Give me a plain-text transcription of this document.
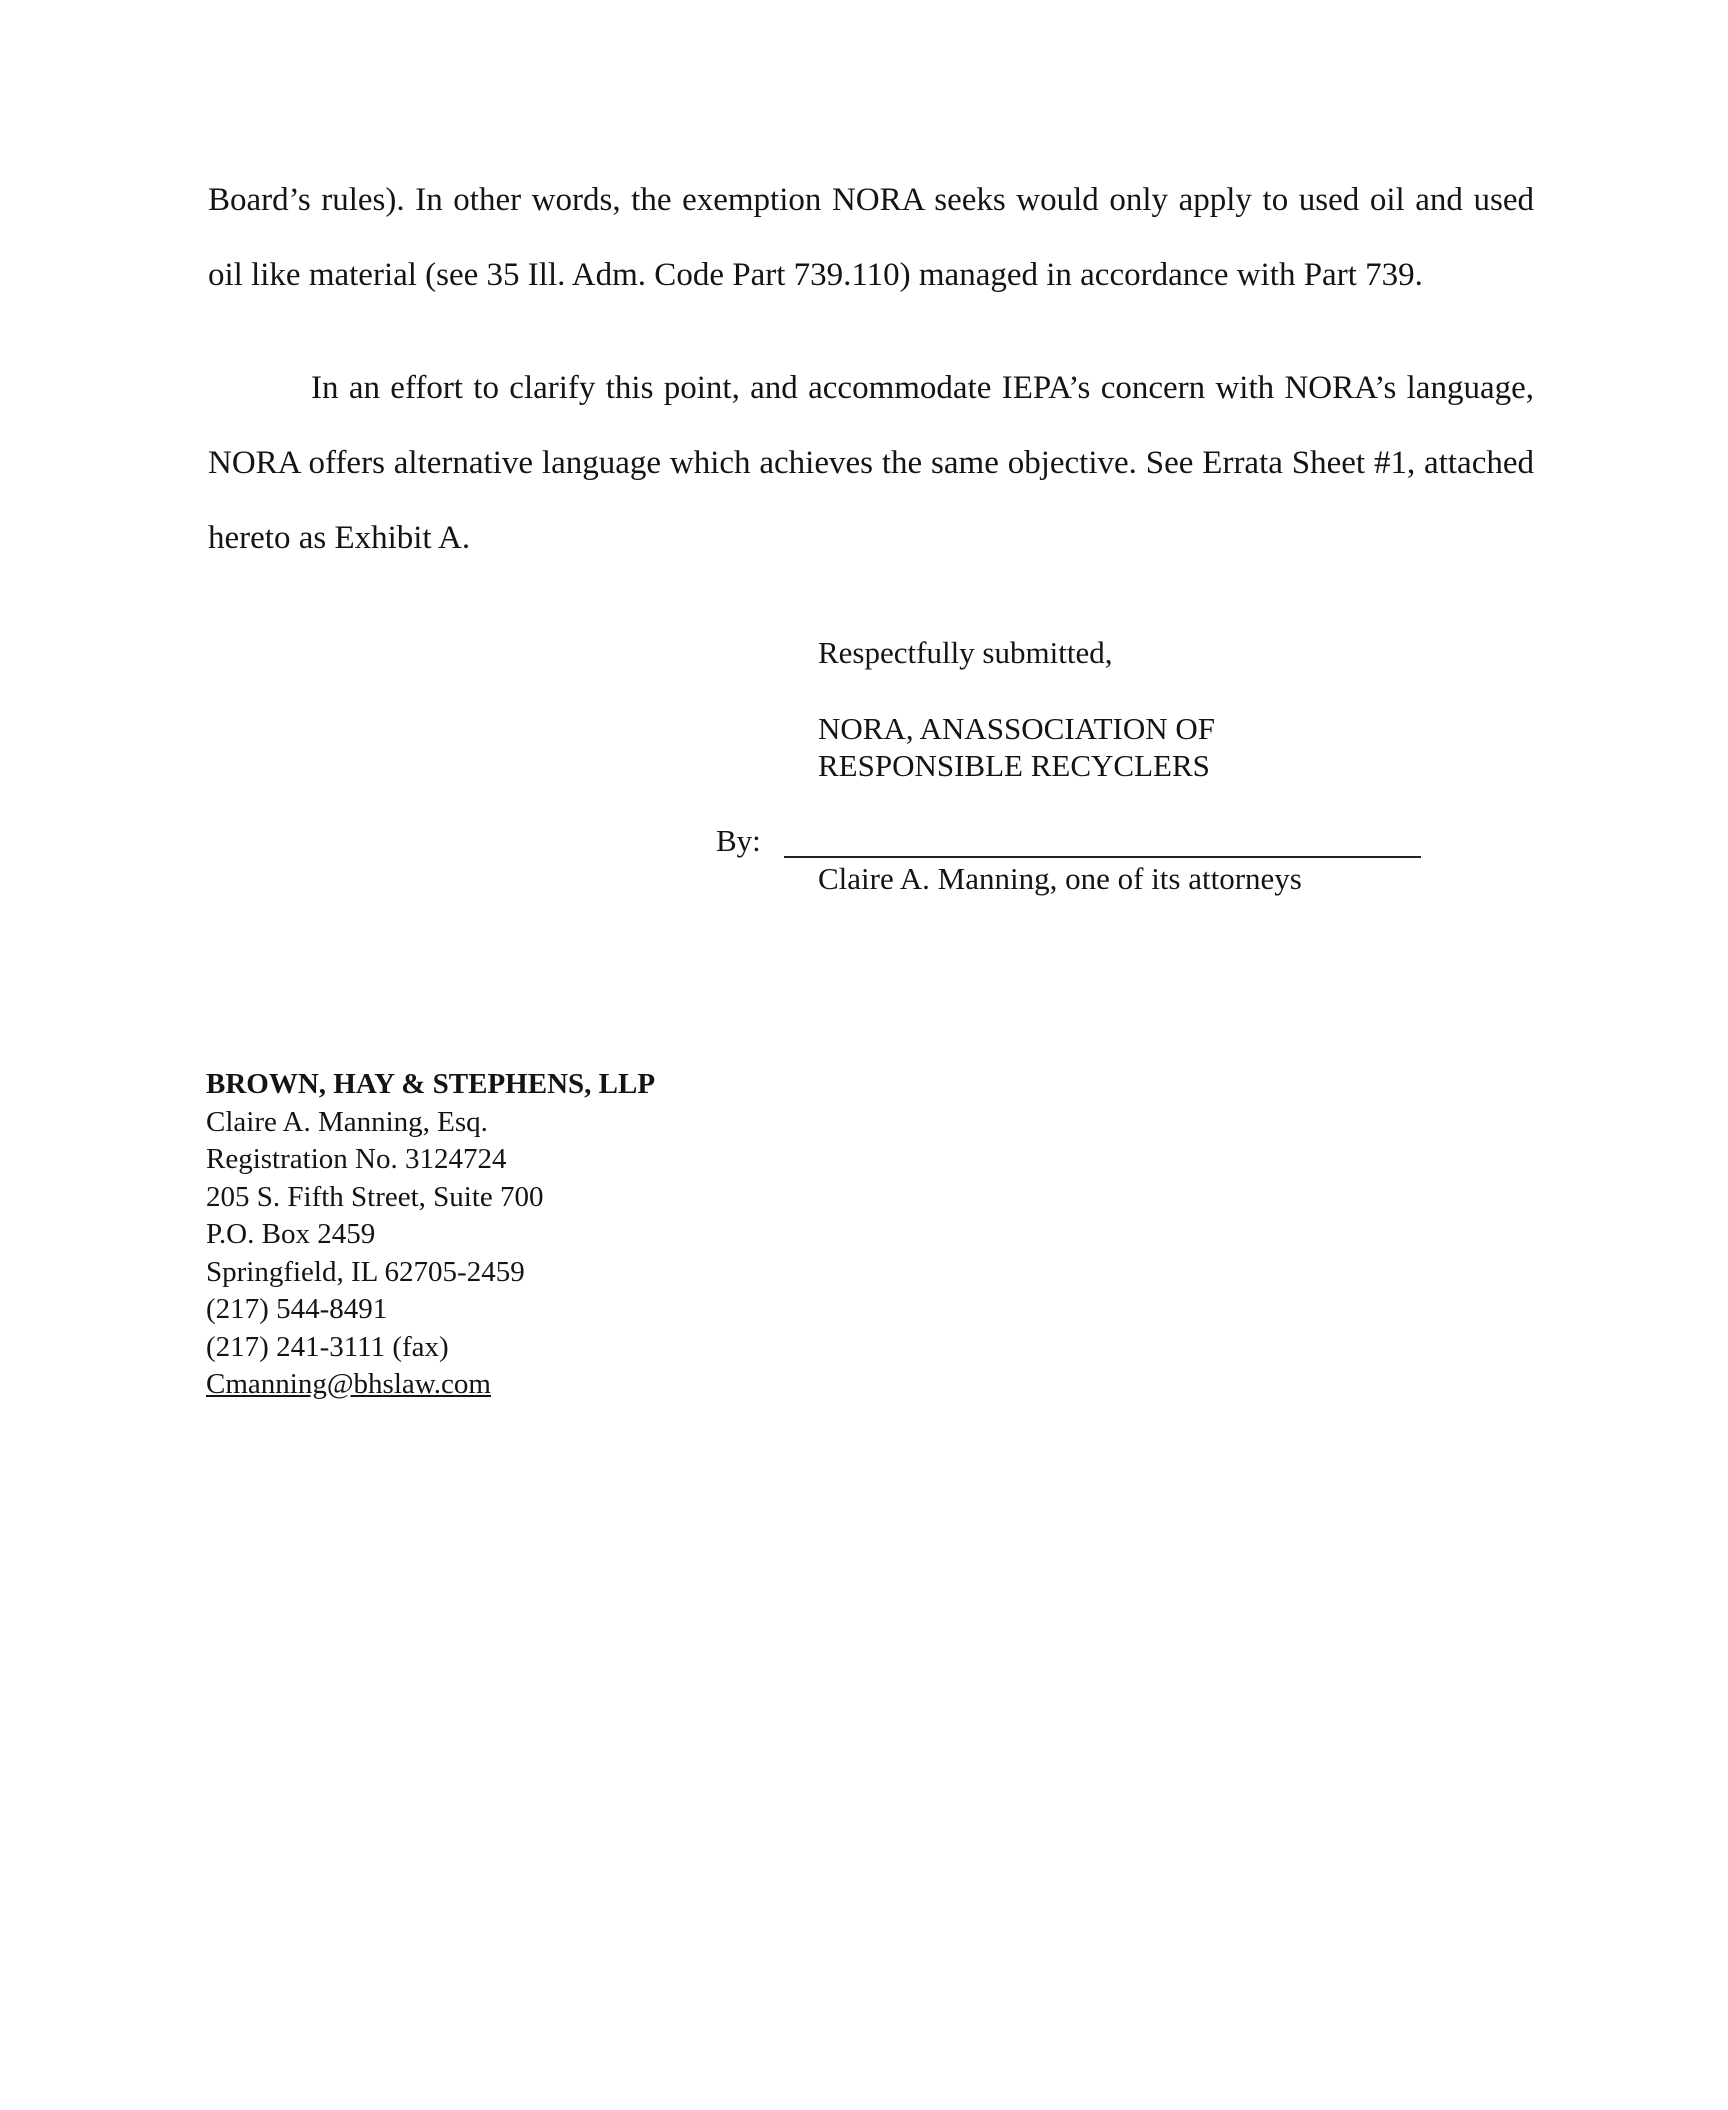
Board’s rules). In other words, the exemption NORA seeks would only apply to used oil and used oil like material (see 35 Ill. Adm. Code Part 739.110) managed in accordance with Part 739.

In an effort to clarify this point, and accommodate IEPA’s concern with NORA’s language, NORA offers alternative language which achieves the same objective. See Errata Sheet #1, attached hereto as Exhibit A.

Respectfully submitted,
NORA, ANASSOCIATION OF
RESPONSIBLE RECYCLERS
By:
Claire A. Manning, one of its attorneys
BROWN, HAY & STEPHENS, LLP
Claire A. Manning, Esq.
Registration No. 3124724
205 S. Fifth Street, Suite 700
P.O. Box 2459
Springfield, IL 62705-2459
(217) 544-8491
(217) 241-3111 (fax)
Cmanning@bhslaw.com
